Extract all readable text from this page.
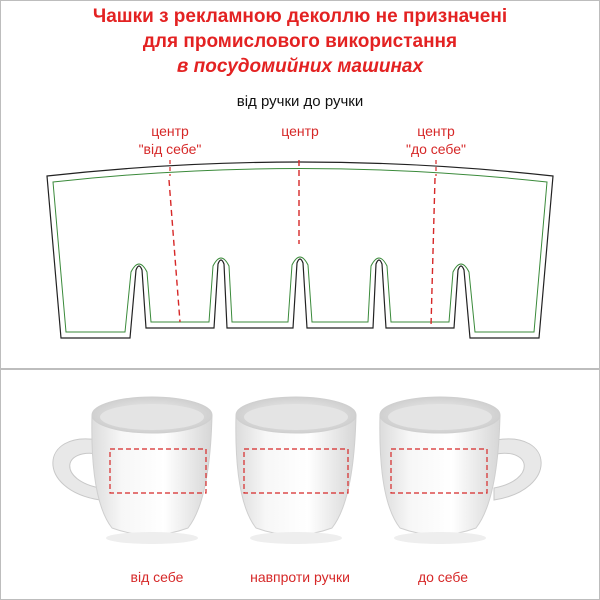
Чашки з рекламною деколлю не призначені
для промислового використання
в посудомийних машинах
від ручки до ручки
центр
"від себе"
центр	центр
"до себе"
від себе	навпроти ручки	до себе
